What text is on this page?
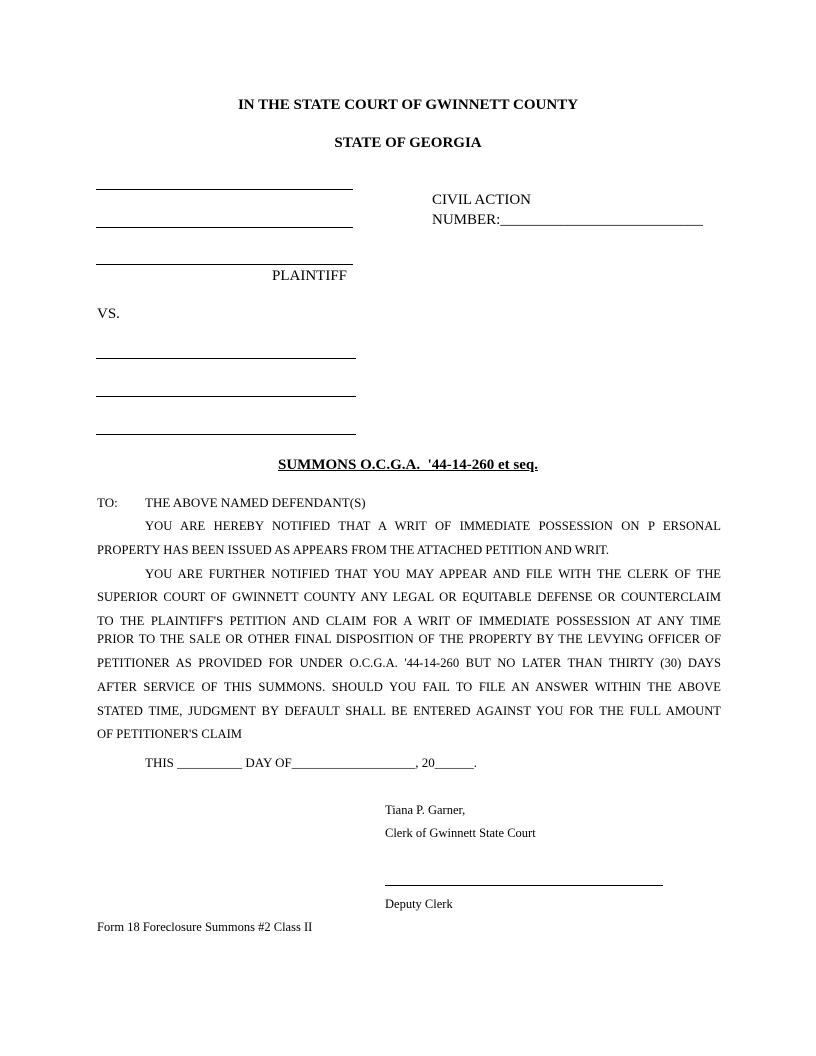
IN THE STATE COURT OF GWINNETT COUNTY
STATE OF GEORGIA
PLAINTIFF
CIVIL ACTION
NUMBER:___________________________
VS.
SUMMONS O.C.G.A.  '44-14-260 et seq.
TO: THE ABOVE NAMED DEFENDANT(S)
YOU ARE HEREBY NOTIFIED THAT A WRIT OF IMMEDIATE POSSESSION ON P ERSONAL
PROPERTY HAS BEEN ISSUED AS APPEARS FROM THE ATTACHED PETITION AND WRIT.
YOU ARE FURTHER NOTIFIED THAT YOU MAY APPEAR AND FILE WITH THE CLERK OF THE
SUPERIOR COURT OF GWINNETT COUNTY ANY LEGAL OR EQUITABLE DEFENSE OR COUNTERCLAIM
TO THE PLAINTIFF'S PETITION AND CLAIM FOR A WRIT OF IMMEDIATE POSSESSION AT ANY TIME
PRIOR TO THE SALE OR OTHER FINAL DISPOSITION OF THE PROPERTY BY THE LEVYING OFFICER OF
PETITIONER AS PROVIDED FOR UNDER O.C.G.A. '44-14-260 BUT NO LATER THAN THIRTY (30) DAYS
AFTER SERVICE OF THIS SUMMONS. SHOULD YOU FAIL TO FILE AN ANSWER WITHIN THE ABOVE
STATED TIME, JUDGMENT BY DEFAULT SHALL BE ENTERED AGAINST YOU FOR THE FULL AMOUNT
OF PETITIONER'S CLAIM
THIS __________ DAY OF___________________, 20______.
Tiana P. Garner,
Clerk of Gwinnett State Court
Deputy Clerk
Form 18 Foreclosure Summons #2 Class II
